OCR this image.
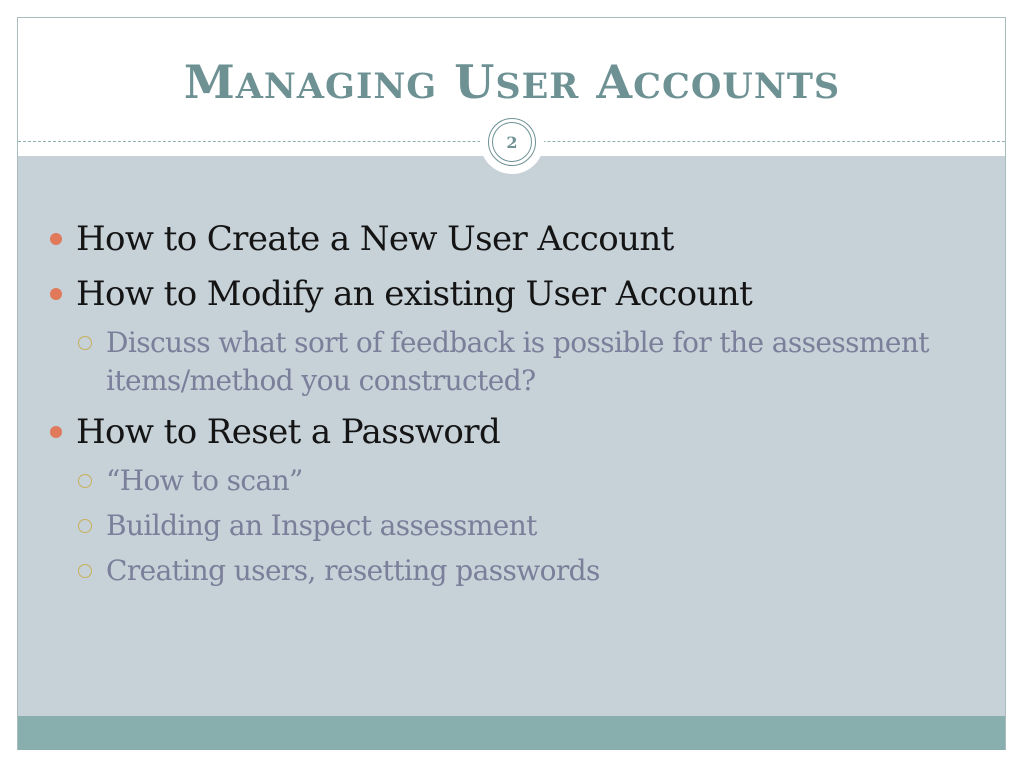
MANAGING USER ACCOUNTS
2
How to Create a New User Account
How to Modify an existing User Account
Discuss what sort of feedback is possible for the assessment
items/method you constructed?
How to Reset a Password
“How to scan”
Building an Inspect assessment
Creating users, resetting passwords
